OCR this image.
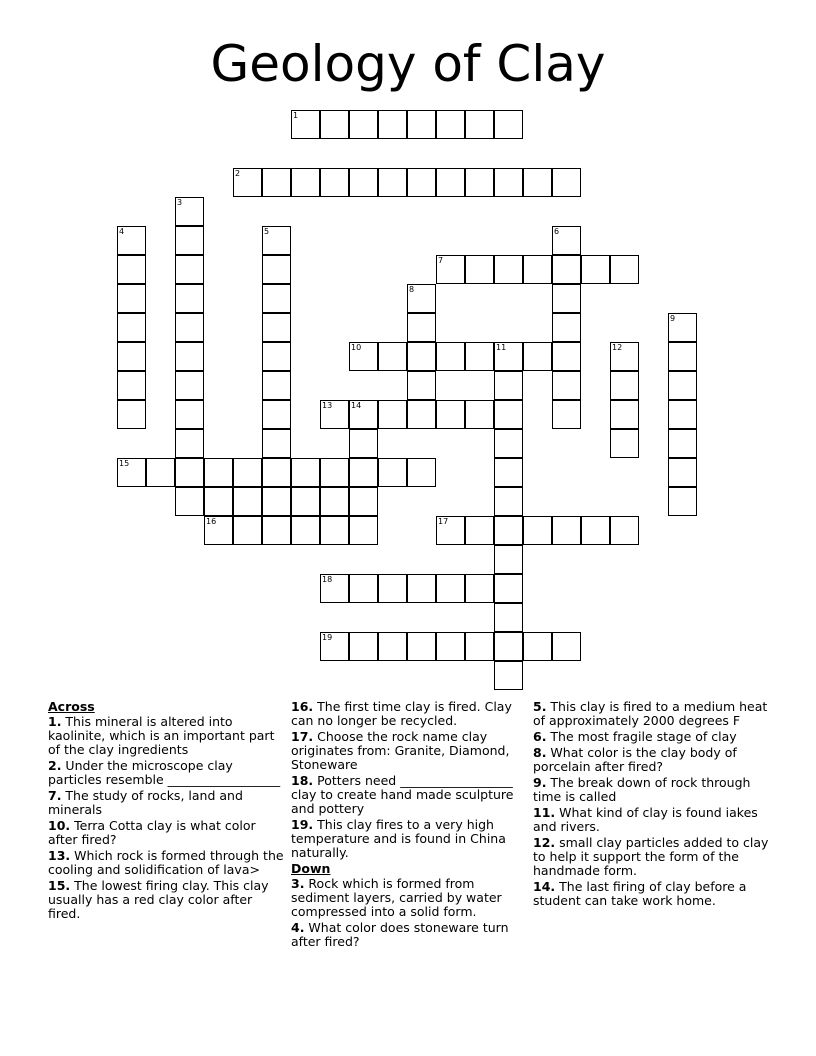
Geology of Clay
1
2
3
4	5	6
7
8
9
10	11	12
13 14
15
16	17
18
19
Across
1. This mineral is altered into kaolinite, which is an important part of the clay ingredients
2. Under the microscope clay particles resemble __________________
7. The study of rocks, land and minerals
10. Terra Cotta clay is what color after fired?
13. Which rock is formed through the cooling and solidification of lava>
15. The lowest firing clay. This clay usually has a red clay color after fired.
16. The first time clay is fired. Clay can no longer be recycled.
17. Choose the rock name clay originates from: Granite, Diamond, Stoneware
18. Potters need __________________ clay to create hand made sculpture and pottery
19. This clay fires to a very high temperature and is found in China naturally.
Down
3. Rock which is formed from sediment layers, carried by water compressed into a solid form.
4. What color does stoneware turn after fired?
5. This clay is fired to a medium heat of approximately 2000 degrees F
6. The most fragile stage of clay
8. What color is the clay body of porcelain after fired?
9. The break down of rock through time is called
11. What kind of clay is found iakes and rivers.
12. small clay particles added to clay to help it support the form of the handmade form.
14. The last firing of clay before a student can take work home.
